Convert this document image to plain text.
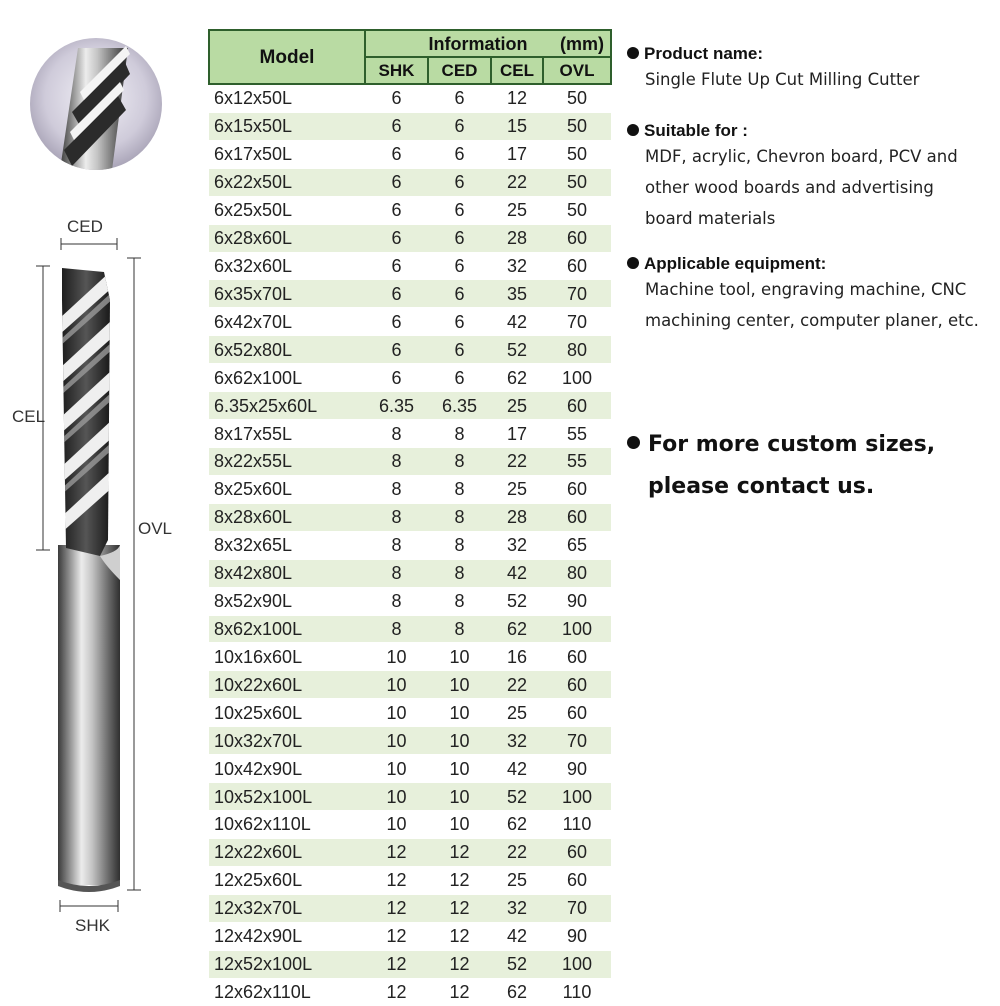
CED

CEL

OVL

SHK

Model	Information (mm)			

	SHK	CED	CEL	OVL
6x12x50L	6	6	12	50
6x15x50L	6	6	15	50
6x17x50L	6	6	17	50
6x22x50L	6	6	22	50
6x25x50L	6	6	25	50
6x28x60L	6	6	28	60
6x32x60L	6	6	32	60
6x35x70L	6	6	35	70
6x42x70L	6	6	42	70
6x52x80L	6	6	52	80
6x62x100L	6	6	62	100
6.35x25x60L	6.35	6.35	25	60
8x17x55L	8	8	17	55
8x22x55L	8	8	22	55
8x25x60L	8	8	25	60
8x28x60L	8	8	28	60
8x32x65L	8	8	32	65
8x42x80L	8	8	42	80
8x52x90L	8	8	52	90
8x62x100L	8	8	62	100
10x16x60L	10	10	16	60
10x22x60L	10	10	22	60
10x25x60L	10	10	25	60
10x32x70L	10	10	32	70
10x42x90L	10	10	42	90
10x52x100L	10	10	52	100
10x62x110L	10	10	62	110
12x22x60L	12	12	22	60
12x25x60L	12	12	25	60
12x32x70L	12	12	32	70
12x42x90L	12	12	42	90
12x52x100L	12	12	52	100
12x62x110L	12	12	62	110

Product name:

Single Flute Up Cut Milling Cutter

Suitable for :

MDF, acrylic, Chevron board, PCV and

other wood boards and advertising

board materials

Applicable equipment:

Machine tool, engraving machine, CNC

machining center, computer planer, etc.

For more custom sizes,
please contact us.
